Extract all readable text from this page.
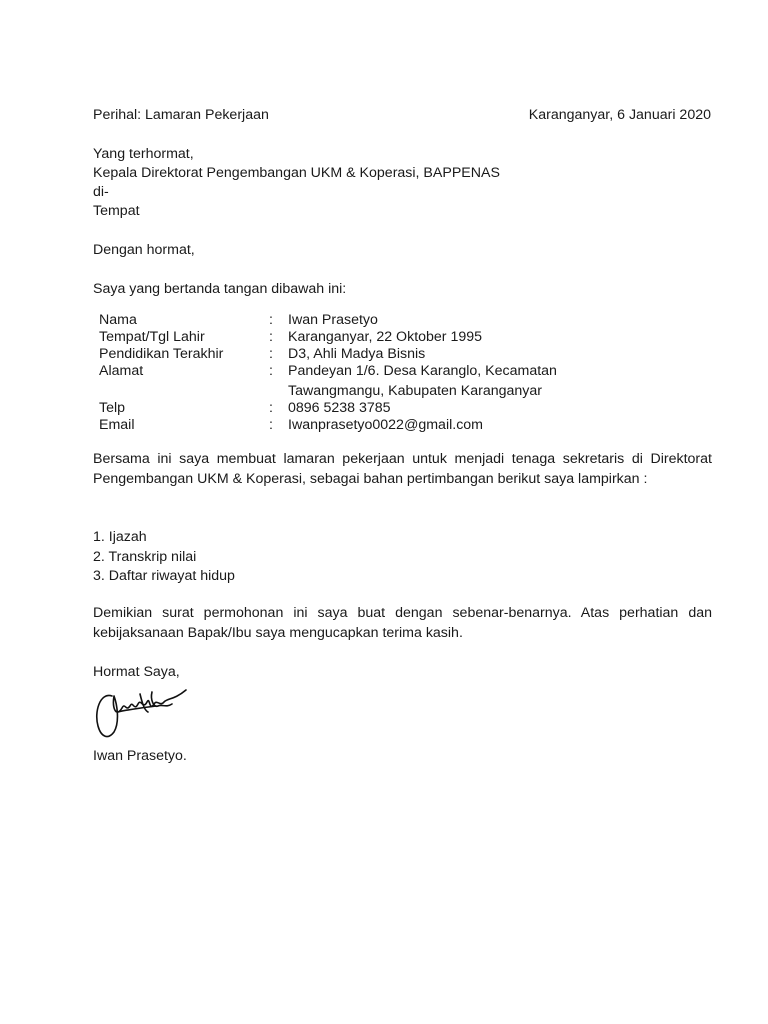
Perihal: Lamaran Pekerjaan	Karanganyar, 6 Januari 2020
Yang terhormat,
Kepala Direktorat Pengembangan UKM & Koperasi, BAPPENAS
di-
Tempat
Dengan hormat,
Saya yang bertanda tangan dibawah ini:
Nama	: Iwan Prasetyo
Tempat/Tgl Lahir	: Karanganyar, 22 Oktober 1995
Pendidikan Terakhir	: D3, Ahli Madya Bisnis
Alamat	: Pandeyan 1/6. Desa Karanglo, Kecamatan
Tawangmangu, Kabupaten Karanganyar
Telp	: 0896 5238 3785
Email	: Iwanprasetyo0022@gmail.com
Bersama ini saya membuat lamaran pekerjaan untuk menjadi tenaga sekretaris di Direktorat Pengembangan UKM & Koperasi, sebagai bahan pertimbangan berikut saya lampirkan :
1. Ijazah
2. Transkrip nilai
3. Daftar riwayat hidup
Demikian surat permohonan ini saya buat dengan sebenar-benarnya. Atas perhatian dan kebijaksanaan Bapak/Ibu saya mengucapkan terima kasih.
Hormat Saya,
Iwan Prasetyo.
